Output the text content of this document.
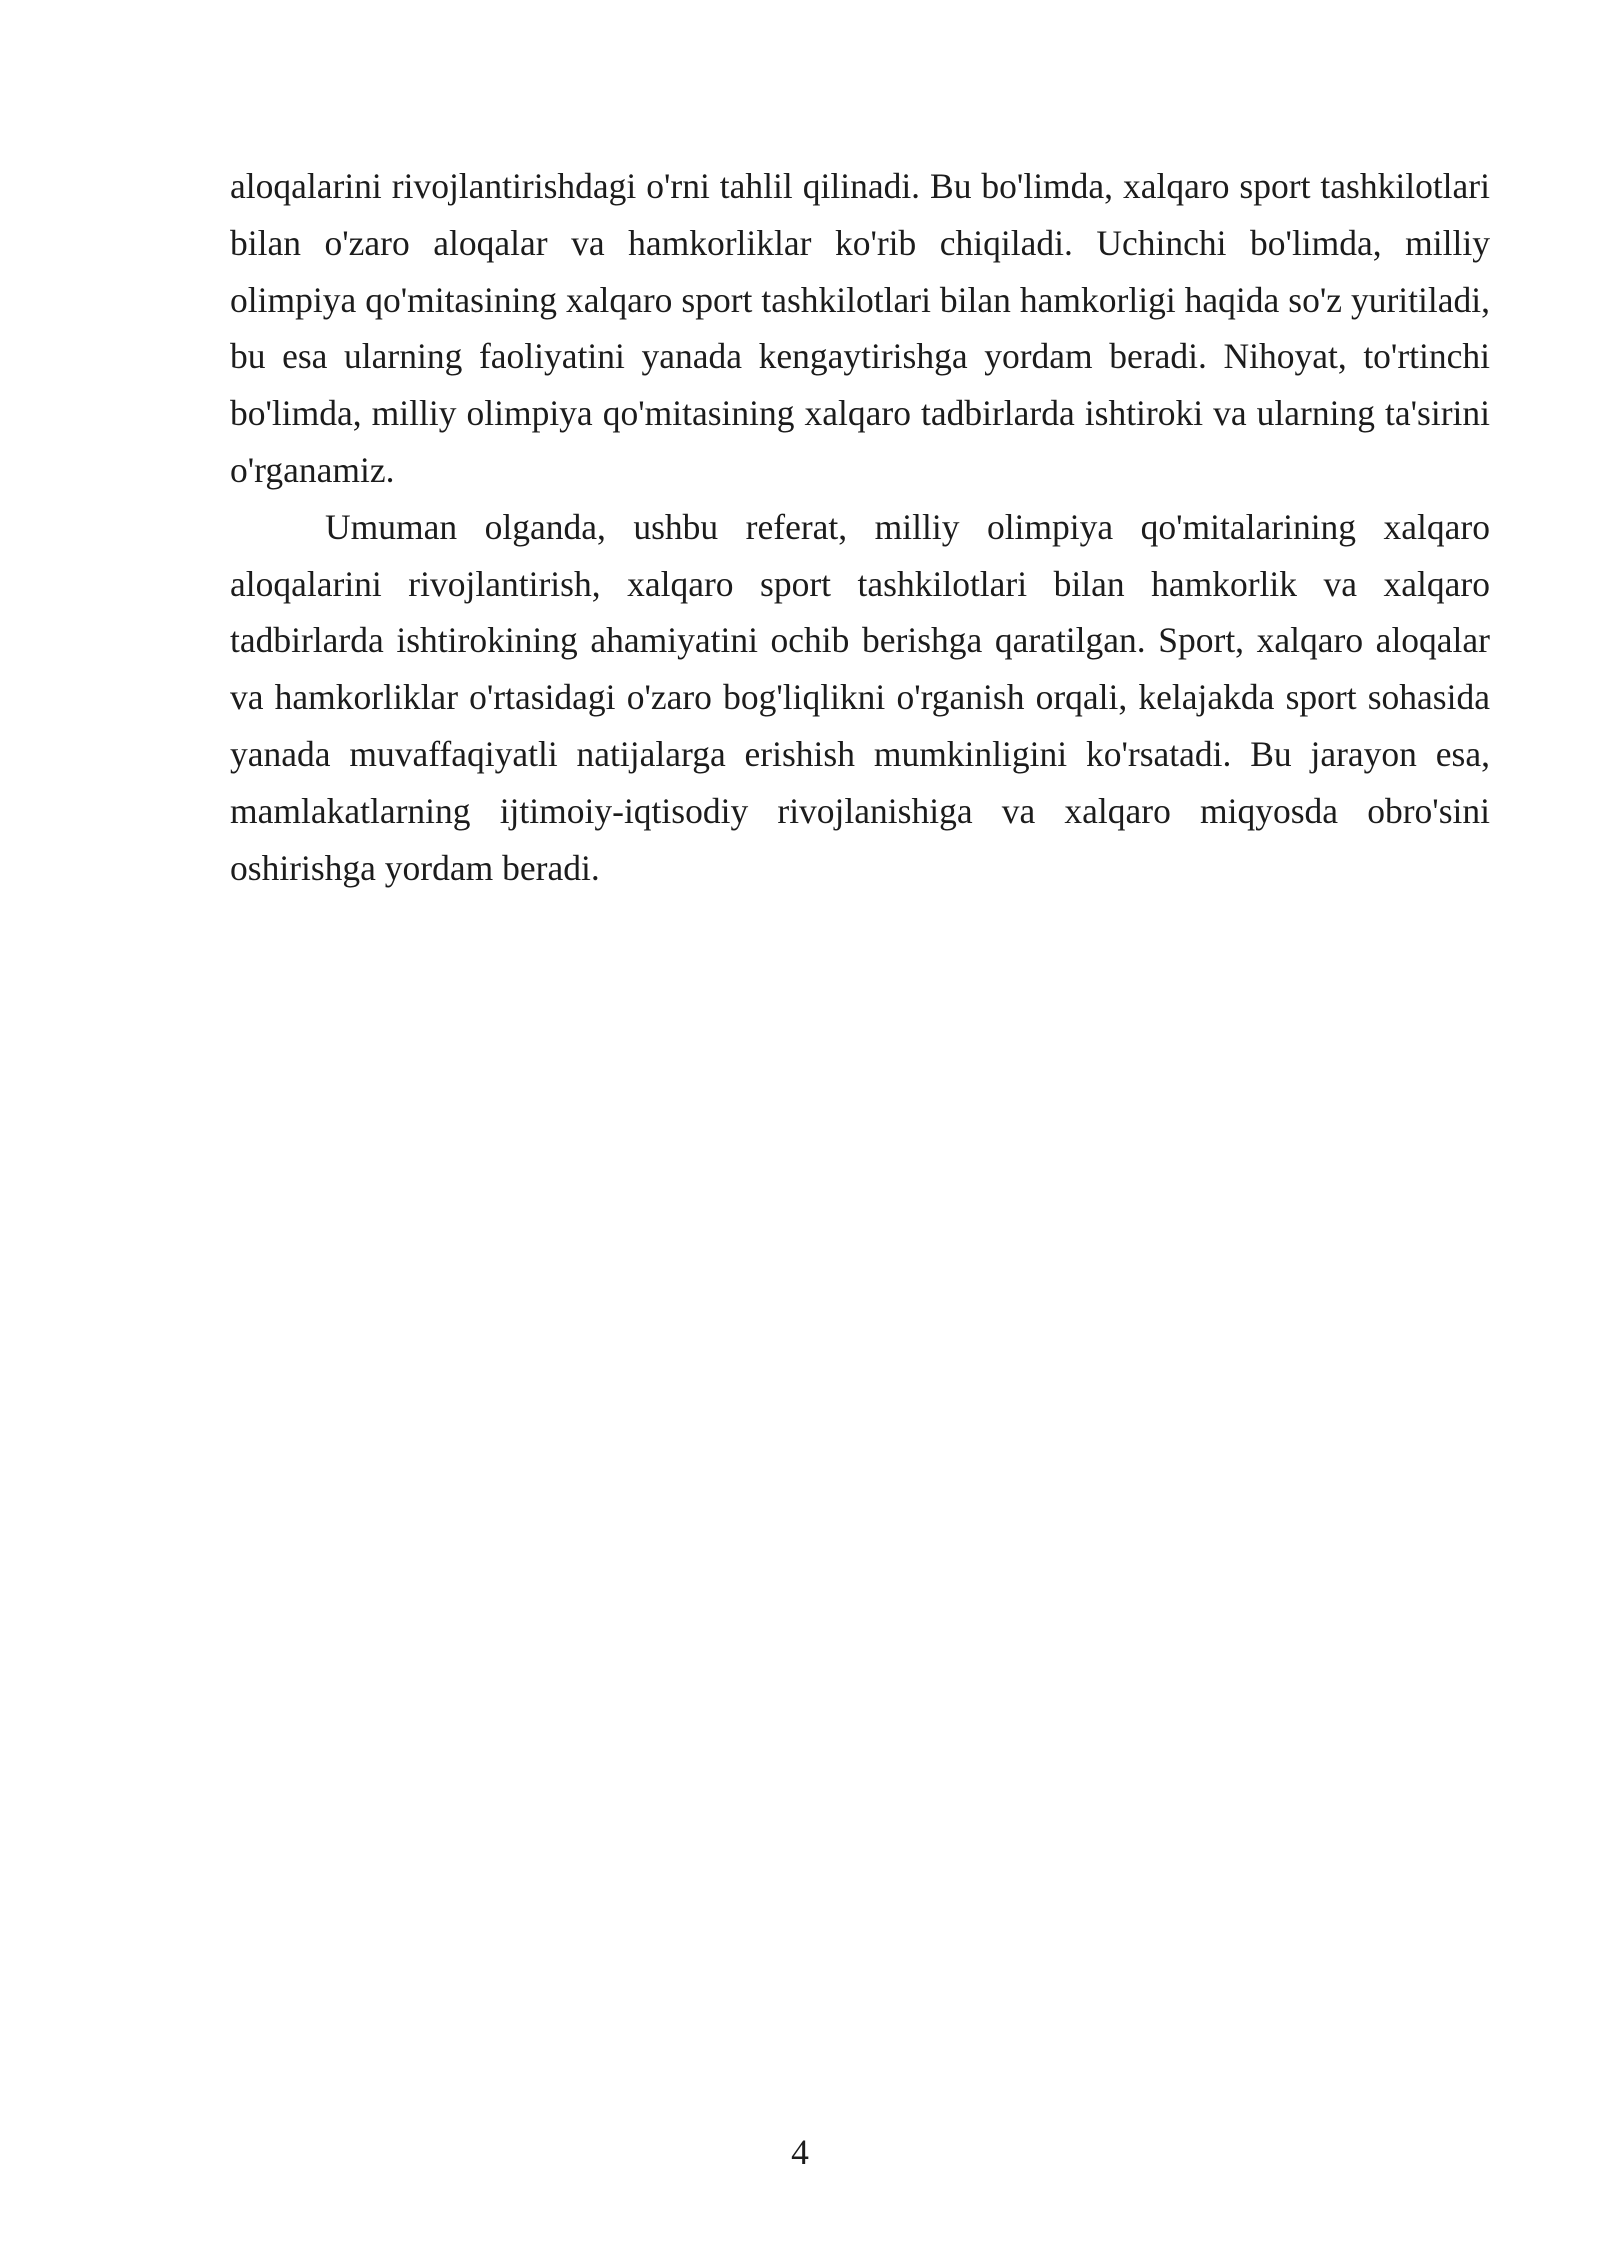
aloqalarini rivojlantirishdagi o'rni tahlil qilinadi. Bu bo'limda, xalqaro sport tashkilotlari bilan o'zaro aloqalar va hamkorliklar ko'rib chiqiladi. Uchinchi bo'limda, milliy olimpiya qo'mitasining xalqaro sport tashkilotlari bilan hamkorligi haqida so'z yuritiladi, bu esa ularning faoliyatini yanada kengaytirishga yordam beradi. Nihoyat, to'rtinchi bo'limda, milliy olimpiya qo'mitasining xalqaro tadbirlarda ishtiroki va ularning ta'sirini o'rganamiz.

Umuman olganda, ushbu referat, milliy olimpiya qo'mitalarining xalqaro aloqalarini rivojlantirish, xalqaro sport tashkilotlari bilan hamkorlik va xalqaro tadbirlarda ishtirokining ahamiyatini ochib berishga qaratilgan. Sport, xalqaro aloqalar va hamkorliklar o'rtasidagi o'zaro bog'liqlikni o'rganish orqali, kelajakda sport sohasida yanada muvaffaqiyatli natijalarga erishish mumkinligini ko'rsatadi. Bu jarayon esa, mamlakatlarning ijtimoiy-iqtisodiy rivojlanishiga va xalqaro miqyosda obro'sini oshirishga yordam beradi.

4
